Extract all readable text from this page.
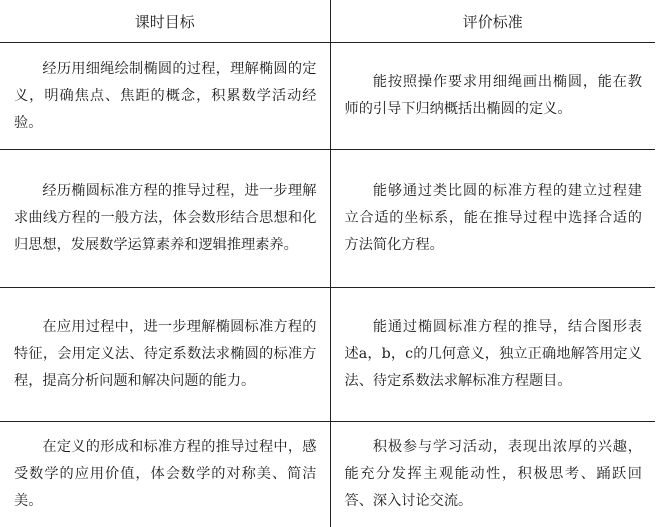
课时目标	评价标准

经历用细绳绘制椭圆的过程，理解椭圆的定义，明确焦点、焦距的概念，积累数学活动经验。	能按照操作要求用细绳画出椭圆，能在教师的引导下归纳概括出椭圆的定义。

经历椭圆标准方程的推导过程，进一步理解求曲线方程的一般方法，体会数形结合思想和化归思想，发展数学运算素养和逻辑推理素养。	能够通过类比圆的标准方程的建立过程建立合适的坐标系，能在推导过程中选择合适的方法简化方程。

在应用过程中，进一步理解椭圆标准方程的特征，会用定义法、待定系数法求椭圆的标准方程，提高分析问题和解决问题的能力。	能通过椭圆标准方程的推导，结合图形表述a，b，c的几何意义，独立正确地解答用定义法、待定系数法求解标准方程题目。

在定义的形成和标准方程的推导过程中，感受数学的应用价值，体会数学的对称美、简洁美。	积极参与学习活动，表现出浓厚的兴趣，能充分发挥主观能动性，积极思考、踊跃回答、深入讨论交流。
